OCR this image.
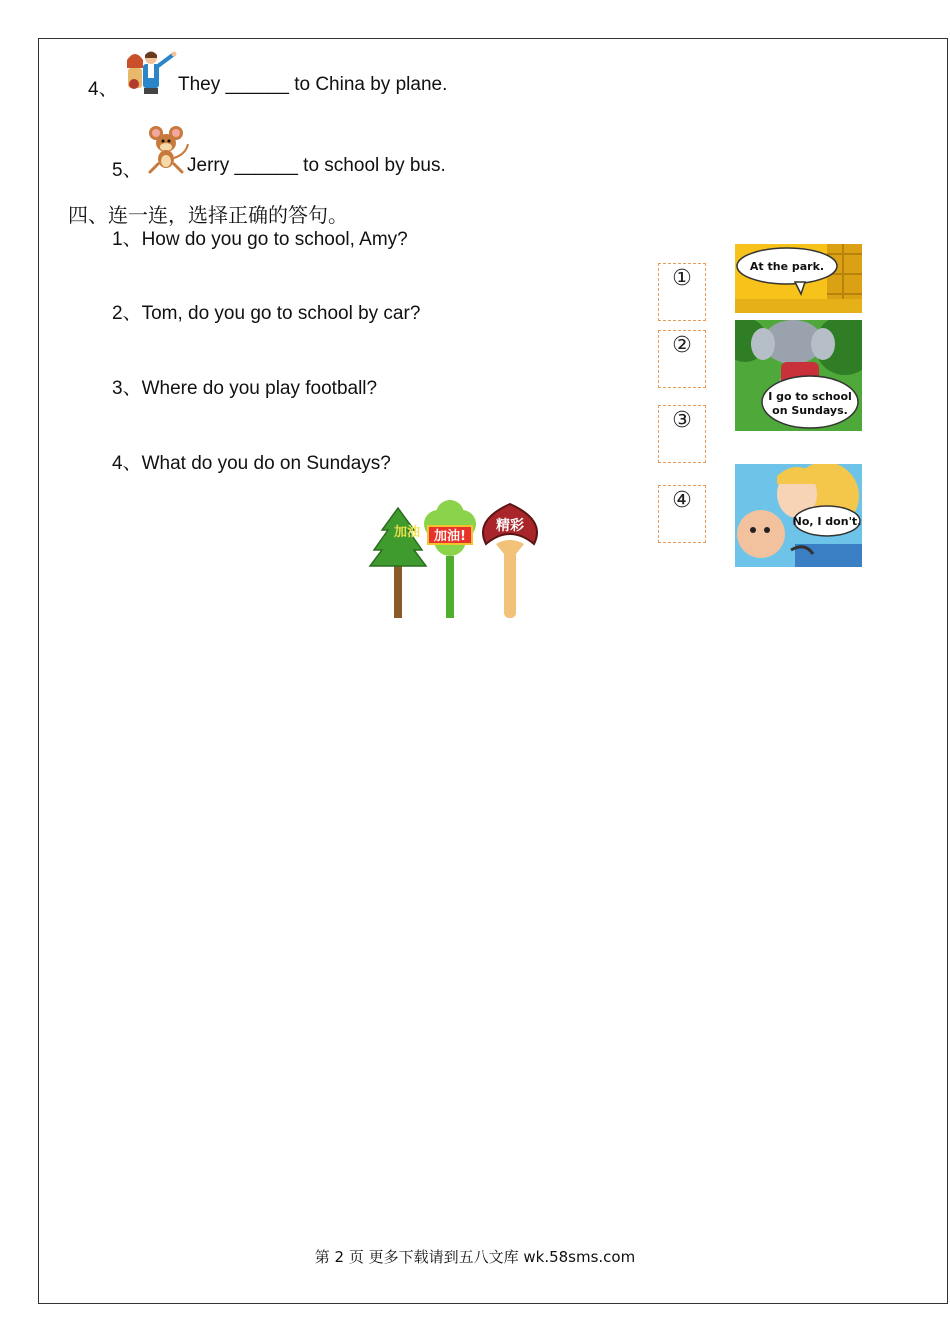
4、	They ______ to China by plane.
5、 Jerry ______ to school by bus.
四、连一连，选择正确的答句。
1、How do you go to school, Amy?
2、Tom, do you go to school by car?
3、Where do you play football?
4、What do you do on Sundays?
①
②
③
④
At the park.
I go to school
on Sundays.
No, I don't.
加油 加油!
精彩
第 2 页 更多下载请到五八文库 wk.58sms.com
